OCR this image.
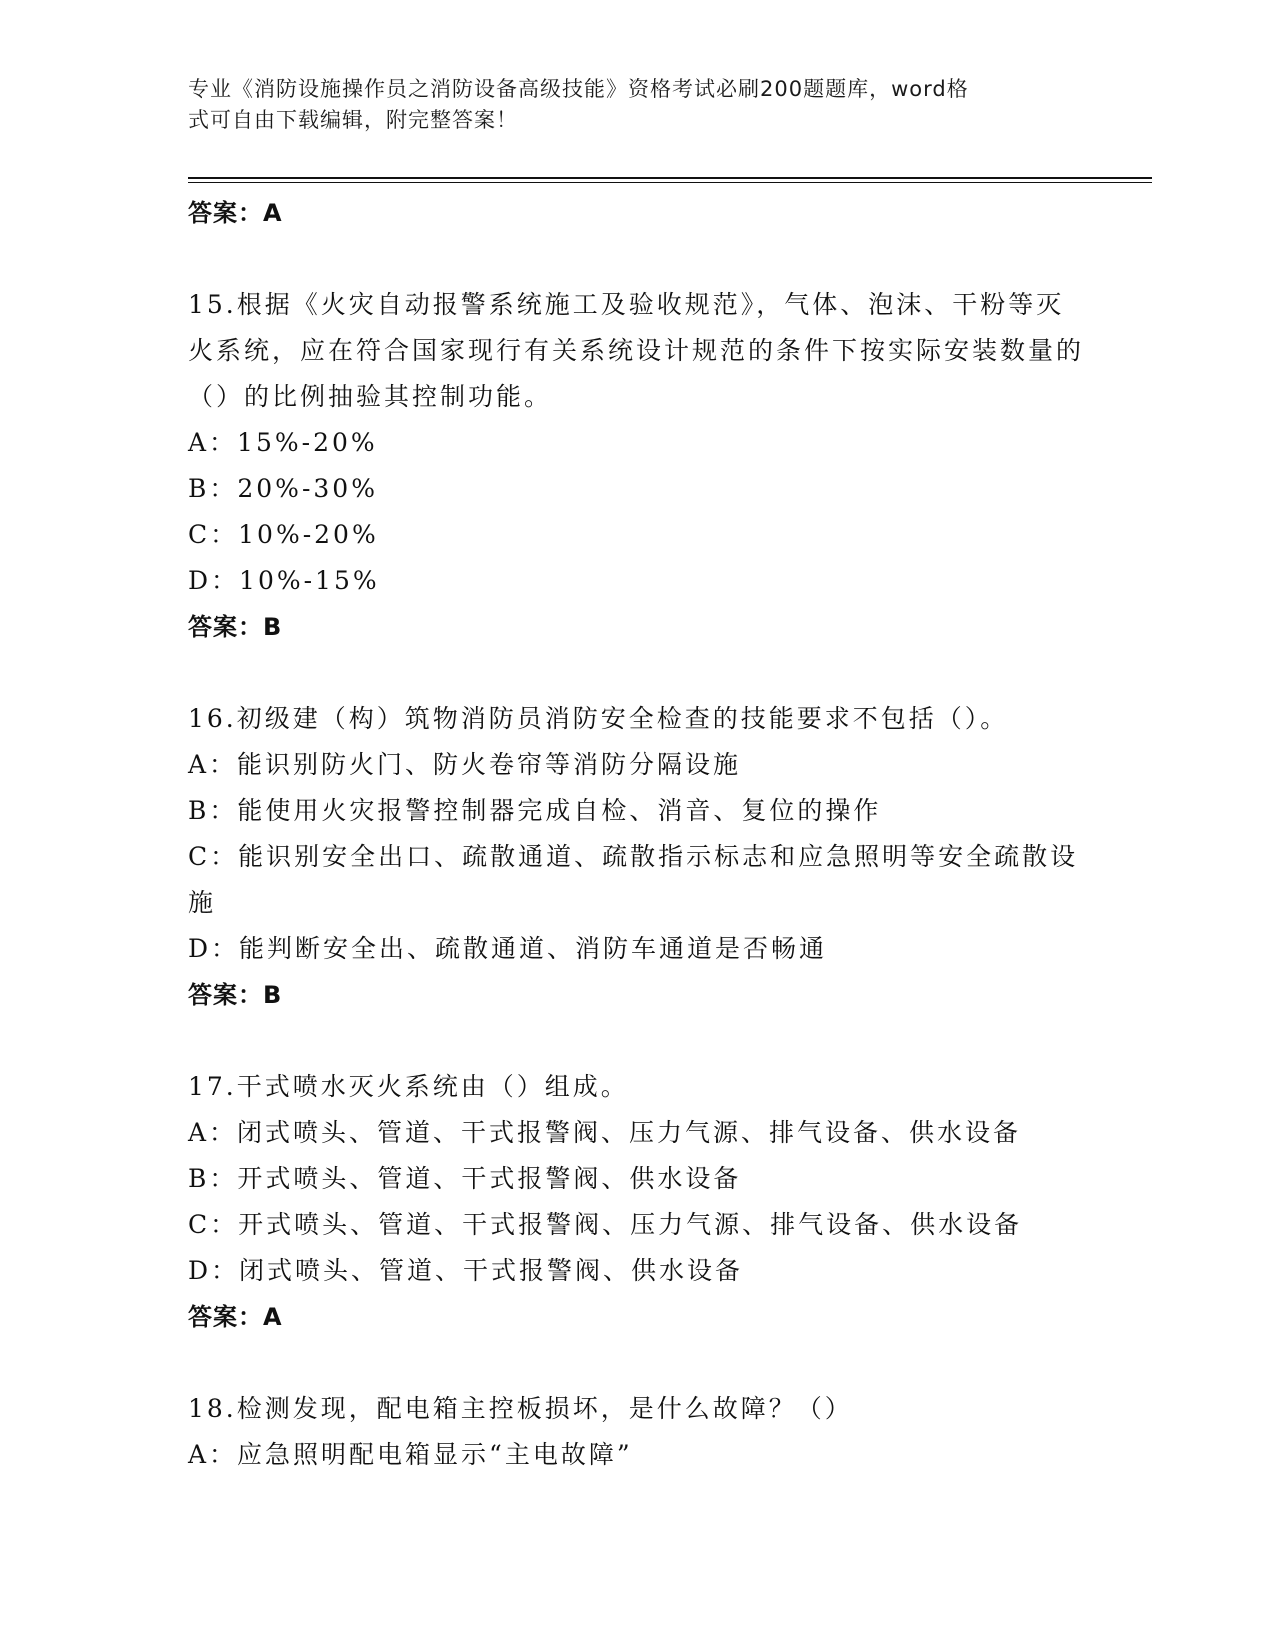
专业《消防设施操作员之消防设备高级技能》资格考试必刷200题题库，word格
式可自由下载编辑，附完整答案！
答案：A
15.根据《火灾自动报警系统施工及验收规范》，气体、泡沫、干粉等灭火系统，应在符合国家现行有关系统设计规范的条件下按实际安装数量的（）的比例抽验其控制功能。
A：15%-20%
B：20%-30%
C：10%-20%
D：10%-15%
答案：B
16.初级建（构）筑物消防员消防安全检查的技能要求不包括（）。
A：能识别防火门、防火卷帘等消防分隔设施
B：能使用火灾报警控制器完成自检、消音、复位的操作
C：能识别安全出口、疏散通道、疏散指示标志和应急照明等安全疏散设施
D：能判断安全出、疏散通道、消防车通道是否畅通
答案：B
17.干式喷水灭火系统由（）组成。
A：闭式喷头、管道、干式报警阀、压力气源、排气设备、供水设备
B：开式喷头、管道、干式报警阀、供水设备
C：开式喷头、管道、干式报警阀、压力气源、排气设备、供水设备
D：闭式喷头、管道、干式报警阀、供水设备
答案：A
18.检测发现，配电箱主控板损坏，是什么故障？（）
A：应急照明配电箱显示“主电故障”
